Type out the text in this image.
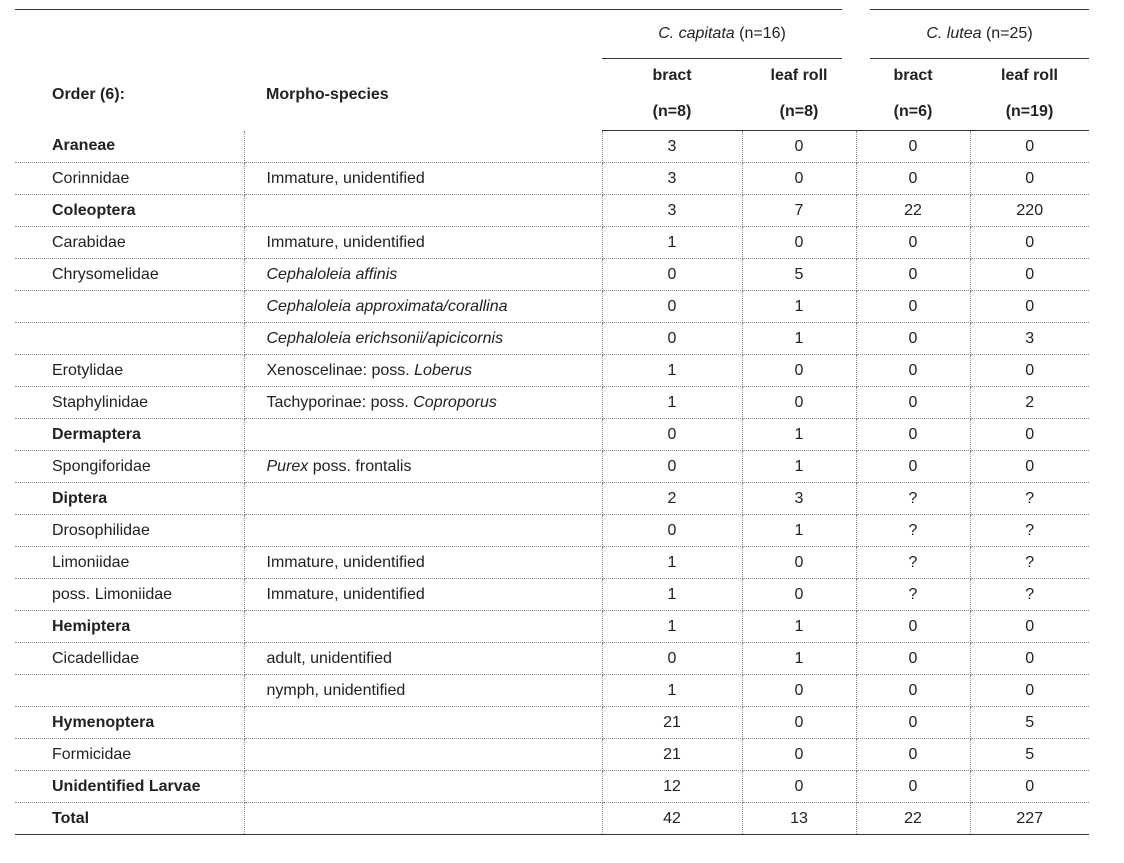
		C. capitata (n=16)		C. lutea (n=25)	
Order (6):	Morpho-species	bract	leaf roll	bract	leaf roll
		(n=8)	(n=8)	(n=6)	(n=19)
Araneae		3	0	0	0
Corinnidae	Immature, unidentified	3	0	0	0
Coleoptera		3	7	22	220
Carabidae	Immature, unidentified	1	0	0	0
Chrysomelidae	Cephaloleia affinis	0	5	0	0
	Cephaloleia approximata/corallina	0	1	0	0
	Cephaloleia erichsonii/apicicornis	0	1	0	3
Erotylidae	Xenoscelinae: poss. Loberus	1	0	0	0
Staphylinidae	Tachyporinae: poss. Coproporus	1	0	0	2
Dermaptera		0	1	0	0
Spongiforidae	Purex poss. frontalis	0	1	0	0
Diptera		2	3	?	?
Drosophilidae		0	1	?	?
Limoniidae	Immature, unidentified	1	0	?	?
poss. Limoniidae	Immature, unidentified	1	0	?	?
Hemiptera		1	1	0	0
Cicadellidae	adult, unidentified	0	1	0	0
	nymph, unidentified	1	0	0	0
Hymenoptera		21	0	0	5
Formicidae		21	0	0	5
Unidentified Larvae		12	0	0	0
Total		42	13	22	227
